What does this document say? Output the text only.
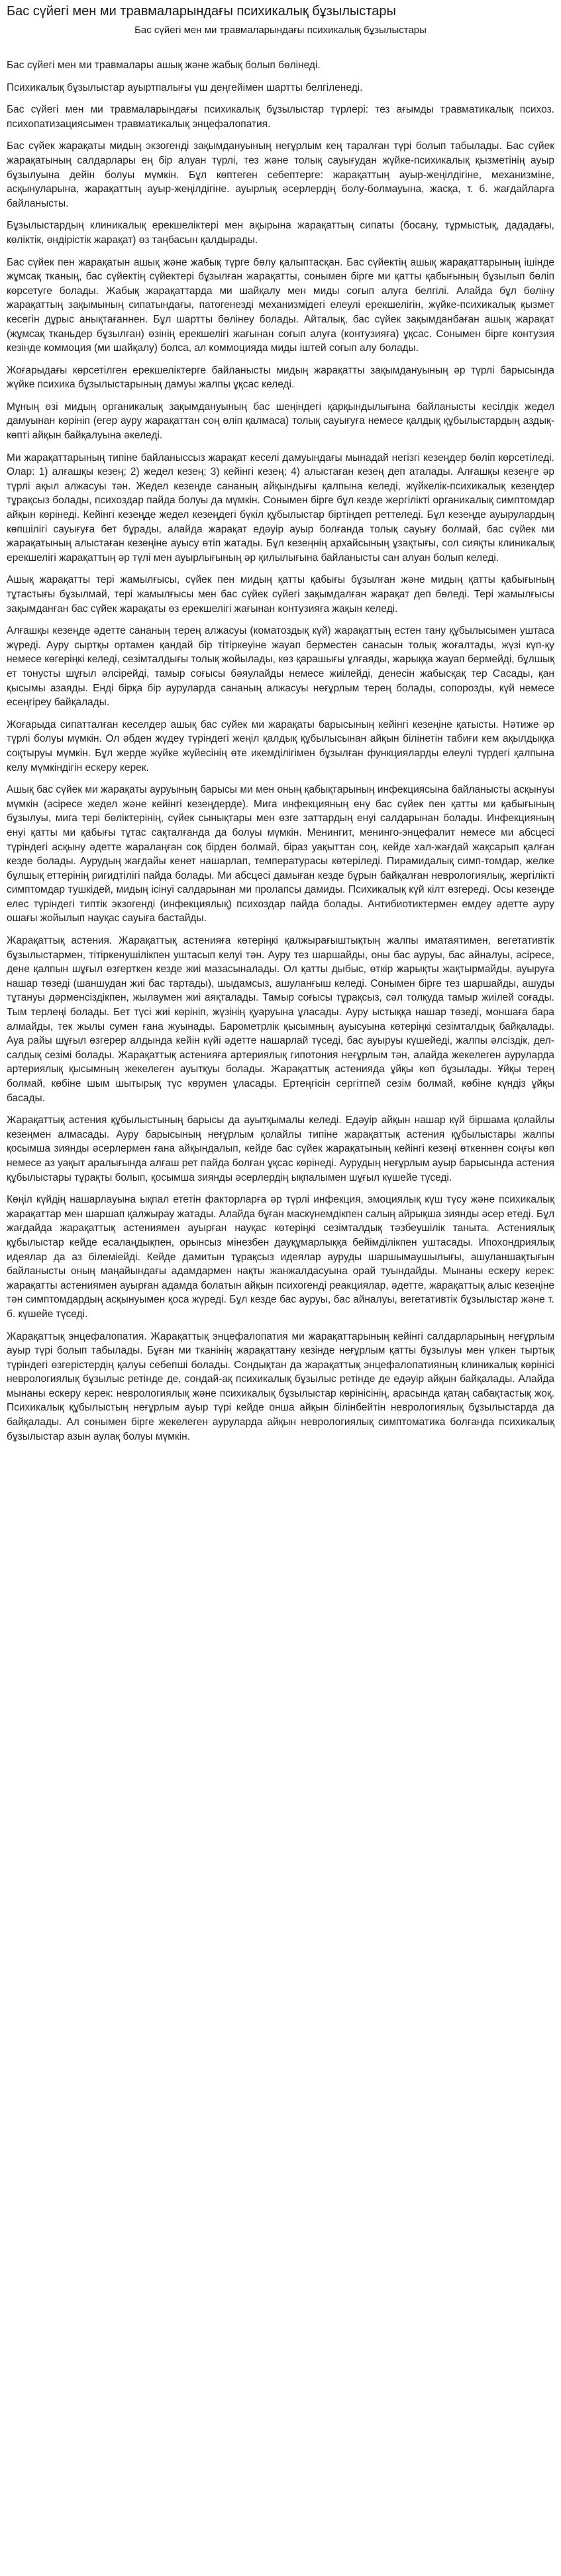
Бас сүйегі мен ми травмаларындағы психикалық бұзылыстары
Бас сүйегі мен ми травмаларындағы психикалық бұзылыстары

Бас сүйегі мен ми травмалары ашық және жабық болып бөлінеді.

Психикалық бұзылыстар ауыртпалығы үш деңгейімен шартты белгіленеді.

Бас сүйегі мен ми травмаларындағы психикалық бұзылыстар түрлері: тез ағымды травматикалық психоз. психопатизациясымен травматикалық энцефалопатия.

Бас сүйек жарақаты мидың экзогенді зақымдануының неғұрлым кең таралған түрі болып табылады. Бас сүйек жарақатының салдарлары ең бір алуан түрлі, тез және толық сауығудан жүйке-психикалық қызметінің ауыр бұзылуына дейін болуы мүмкін. Бұл көптеген себептерге: жарақаттың ауыр-жеңілдігіне, механизміне, асқынуларына, жарақаттың ауыр-жеңілдігіне. ауырлық әсерлердің болу-болмауына, жасқа, т. б. жағдайларға байланысты.

Бұзылыстардың клиникалық ерекшеліктері мен ақырына жарақаттың сипаты (босану, тұрмыстық, дададағы, көліктік, өндірістік жарақат) өз таңбасын қалдырады.

Бас сүйек пен жарақатын ашық және жабық түрге бөлу қалыптасқан. Бас сүйектің ашық жарақаттарының ішінде жұмсақ тканың, бас сүйектің сүйектері бұзылған жарақатты, сонымен бірге ми қатты қабығының бұзылып бөліп көрсетуге болады. Жабық жарақаттарда ми шайқалу мен миды соғып алуға белгілі. Алайда бұл бөліну жарақаттың зақымының сипатындағы, патогенезді механизмідегі елеулі ерекшелігін, жүйке-психикалық қызмет кесегін дұрыс анықтағаннен. Бұл шартты бөлінеу болады. Айталық, бас сүйек зақымданбаған ашық жарақат (жұмсақ тканьдер бұзылған) өзінің ерекшелігі жағынан соғып алуға (контузияға) ұқсас. Сонымен бірге контузия кезінде коммоция (ми шайқалу) болса, ал коммоцияда миды іштей соғып алу болады.

Жоғарыдағы көрсетілген ерекшеліктерге байланысты мидың жарақатты зақымдануының әр түрлі барысында жүйке психика бұзылыстарының дамуы жалпы ұқсас келеді.

Мұның өзі мидың органикалық зақымдануының бас шеңіндегі қарқындылығына байланысты кесілдік жедел дамуынан көрініп (егер ауру жарақаттан соң өліп қалмаса) толық сауығуға немесе қалдық құбылыстардың аздық-көпті айқын байқалуына әкеледі.

Ми жарақаттарының типіне байланыссыз жарақат кеселі дамуындағы мынадай негізгі кезеңдер бөліп көрсетіледі. Олар: 1) алғашқы кезең; 2) жедел кезең; 3) кейінгі кезең; 4) алыстаған кезең деп аталады. Алғашқы кезеңге әр түрлі ақыл алжасуы тән. Жедел кезеңде сананың айқындығы қалпына келеді, жүйкелік-психикалық кезеңдер тұрақсыз болады, психоздар пайда болуы да мүмкін. Сонымен бірге бұл кезде жергілікті органикалық симптомдар айқын көрінеді. Кейінгі кезеңде жедел кезеңдегі бүкіл құбылыстар біртіндеп реттеледі. Бұл кезеңде ауырулардың көпшілігі сауығуға бет бұрады, алайда жарақат едәуір ауыр болғанда толық сауығу болмай, бас сүйек ми жарақатының алыстаған кезеңіне ауысу өтіп жатады. Бұл кезеңнің архайсының ұзақтығы, сол сияқты клиникалық ерекшелігі жарақаттың әр түлі мен ауырлығының әр қилылығына байланысты сан алуан болып келеді.

Ашық жарақатты тері жамылғысы, сүйек пен мидың қатты қабығы бұзылған және мидың қатты қабығының тұтастығы бұзылмай, тері жамылғысы мен бас сүйек сүйегі зақымдалған жарақат деп бөледі. Тері жамылғысы зақымданған бас сүйек жарақаты өз ерекшелігі жағынан контузияға жақын келеді.

Алғашқы кезеңде әдетте сананың терең алжасуы (коматоздық күй) жарақаттың естен тану құбылысымен уштаса жүреді. Ауру сыртқы ортамен қандай бір тітіркеуіне жауап берместен санасын толық жоғалтады, жүзі күп-қу немесе көгеріңкі келеді, сезімталдығы толық жойылады, көз қарашығы ұлғаяды, жарыққа жауап бермейді, бұлшық ет тонусты шұғыл әлсірейді, тамыр соғысы бәяулайды немесе жиілейді, денесін жабысқақ тер Сасады, қан қысымы азаяды. Енді бірқа бір ауруларда сананың алжасуы неғұрлым терең болады, сопорозды, күй немесе есеңгіреу байқалады.

Жоғарыда сипатталған кеселдер ашық бас сүйек ми жарақаты барысының кейінгі кезеңіне қатысты. Нәтиже әр түрлі болуы мүмкін. Ол әбден жүдеу түріндегі жеңіл қалдық құбылысынан айқын білінетін табиғи кем ақылдыққа соқтыруы мүмкін. Бұл жерде жүйке жүйесінің өте икемділігімен бұзылған функцияларды елеулі түрдегі қалпына келу мүмкіндігін ескеру керек.

Ашық бас сүйек ми жарақаты ауруының барысы ми мен оның қабықтарының инфекциясына байланысты асқынуы мүмкін (әсіресе жедел және кейінгі кезеңдерде). Мига инфекцияның ену бас сүйек пен қатты ми қабығының бұзылуы, мига тері бөліктерінің, сүйек сынықтары мен өзге заттардың енуі салдарынан болады. Инфекцияның енуі қатты ми қабығы тұтас сақталғанда да болуы мүмкін. Менингит, менинго-энцефалит немесе ми абсцесі түріндегі асқыну әдетте жаралаңған соқ бірден болмай, біраз уақыттан соң, кейде хал-жағдай жақсарып қалған кезде болады. Аурудың жағдайы кенет нашарлап, температурасы көтеріледі. Пирамидалық симп-томдар, желке бұлшық еттерінің ригидтілігі пайда болады. Ми абсцесі дамыған кезде бұрын байқалған невpологиялық, жергілікті симптомдар тушкідей, мидың ісінуі салдарынан ми пролапсы дамиды. Психикалық күй кілт өзгереді. Осы кезеңде елес түріндегі типтік экзогенді (инфекциялық) психоздар пайда болады. Антибиотиктермен емдеу әдетте ауру ошағы жойылып науқас сауыға бастайды.

Жарақаттық астения. Жарақаттық астенияға көтеріңкі қалжырағыштықтың жалпы иматаятимен, вегетативтік бұзылыстармен, тітіркенушілікпен уштасып келуі тән. Ауру тез шаршайды, оны бас ауруы, бас айналуы, әсіресе, дене қалпын шұғыл өзгерткен кезде жиі мазасыналады. Ол қатты дыбыс, өткір жарықты жақтырмайды, ауыруға нашар төзеді (шаншудан жиі бас тартады), шыдамсыз, ашуланғыш келеді. Сонымен бірге тез шаршайды, ашуды тұтануы дәрменсіздікпен, жылаумен жиі аяқталады. Тамыр соғысы тұрақсыз, сәл толқуда тамыр жиілей соғады. Тым терлеңі болады. Бет түсі жиі көрініп, жүзінің қуаруына ұласады. Ауру ыстыққа нашар төзеді, моншаға бара алмайды, тек жылы сумен ғана жуынады. Барометрлік қысымның ауысуына көтеріңкі сезімталдық байқалады. Ауа райы шұғыл өзгерер алдында кейін күйі әдетте нашарлай түседі, бас ауыруы күшейеді, жалпы әлсіздік, дел-салдық сезімі болады. Жарақаттық астенияға артериялық гипотония неғұрлым тән, алайда жекелеген ауруларда артериялық қысымның жекелеген ауытқуы болады. Жарақаттық астенияда ұйқы көп бұзылады. Ұйқы терең болмай, көбіне шым шытырық түс көрумен ұласады. Ертеңгісін сергітпей сезім болмай, көбіне күндіз ұйқы басады.

Жарақаттық астения құбылыстының барысы да ауытқымалы келеді. Едәуір айқын нашар күй біршама қолайлы кезеңмен алмасады. Ауру барысының неғұрлым қолайлы типіне жарақаттық астения құбылыстары жалпы қосымша зиянды әсерлермен ғана айқындалып, кейде бас сүйек жарақатының кейінгі кезеңі өткеннен соңғы көп немесе аз уақыт аралығында алғаш рет пайда болған ұқсас көрінеді. Аурудың неғұрлым ауыр барысында астения құбылыстары тұрақты болып, қосымша зиянды әсерлердің ықпалымен шұғыл күшейе түседі.

Көңіл күйдің нашарлауына ықпал ететін факторларға әр түрлі инфекция, эмоциялық күш түсу және психикалық жарақаттар мен шаршап қалжырау жатады. Алайда бұған маскүнемдікпен салың айрықша зиянды әсер етеді. Бұл жағдайда жарақаттық астениямен ауырған науқас көтеріңкі сезімталдық тәзбеушілік таныта. Астениялық құбылыстар кейде есалаңдықпен, орынсыз мінезбен дауқұмарлыққа бейімділікпен уштасады. Ипохондриялық идеялар да аз білеміейді. Кейде дамитын тұрақсыз идеялар ауруды шаршымаушылығы, ашуланшақтығын байланысты оның маңайындағы адамдармен нақты жанжалдасуына орай туындайды. Мынаны ескеру керек: жарақатты астениямен ауырған адамда болатын айқын психогенді реакциялар, әдетте, жарақаттық алыс кезеңіне тән симптомдардың асқынуымен қоса жүреді. Бұл кезде бас ауруы, бас айналуы, вегетативтік бұзылыстар және т. б. күшейе түседі.

Жарақаттық энцефалопатия. Жарақаттық энцефалопатия ми жарақаттарының кейінгі салдарларының неғұрлым ауыр түрі болып табылады. Бұған ми тканінің жарақаттану кезінде неғұрлым қатты бұзылуы мен үлкен тыртық түріндегі өзгерістердің қалуы себепші болады. Сондықтан да жарақаттық энцефалопатияның клиникалық көрінісі неврологиялық бұзылыс ретінде де, сондай-ақ психикалық бұзылыс ретінде де едәуір айқын байқалады. Алайда мынаны ескеру керек: неврологиялық және психикалық бұзылыстар көрінісінің, арасында қатаң сабақтастық жоқ. Психикалық құбылыстың неғұрлым ауыр түрі кейде онша айқын білінбейтін неврологиялық бұзылыстарда да байқалады. Ал сонымен бірге жекелеген ауруларда айқын неврологиялық симптоматика болғанда психикалық бұзылыстар азын аулақ болуы мүмкін.
